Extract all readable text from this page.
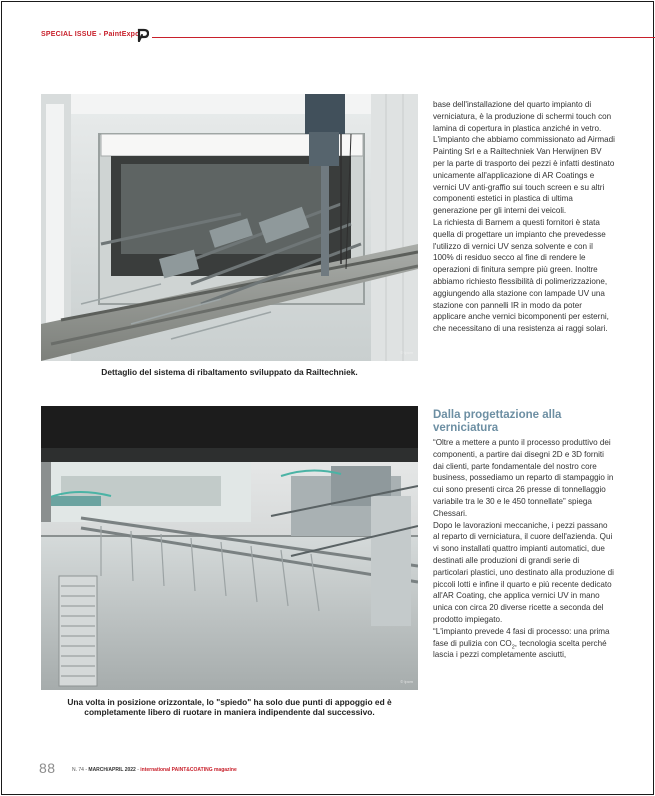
SPECIAL ISSUE - PaintExpo
© Ipcm
Dettaglio del sistema di ribaltamento sviluppato da Railtechniek.
© Ipcm
Una volta in posizione orizzontale, lo "spiedo" ha solo due punti di appoggio ed è
completamente libero di ruotare in maniera indipendente dal successivo.

base dell'installazione del quarto impianto di verniciatura, è la produzione di schermi touch con lamina di copertura in plastica anziché in vetro. L'impianto che abbiamo commissionato ad Airmadi Painting Srl e a Railtechniek Van Herwijnen BV per la parte di trasporto dei pezzi è infatti destinato unicamente all'applicazione di AR Coatings e vernici UV anti-graffio sui touch screen e su altri componenti estetici in plastica di ultima generazione per gli interni dei veicoli.

La richiesta di Barnem a questi fornitori è stata quella di progettare un impianto che prevedesse l'utilizzo di vernici UV senza solvente e con il 100% di residuo secco al fine di rendere le operazioni di finitura sempre più green. Inoltre abbiamo richiesto flessibilità di polimerizzazione, aggiungendo alla stazione con lampade UV una stazione con pannelli IR in modo da poter applicare anche vernici bicomponenti per esterni, che necessitano di una resistenza ai raggi solari.

Dalla progettazione alla verniciatura

“Oltre a mettere a punto il processo produttivo dei componenti, a partire dai disegni 2D e 3D forniti dai clienti, parte fondamentale del nostro core business, possediamo un reparto di stampaggio in cui sono presenti circa 26 presse di tonnellaggio variabile tra le 30 e le 450 tonnellate” spiega Chessari.

Dopo le lavorazioni meccaniche, i pezzi passano al reparto di verniciatura, il cuore dell'azienda. Qui vi sono installati quattro impianti automatici, due destinati alle produzioni di grandi serie di particolari plastici, uno destinato alla produzione di piccoli lotti e infine il quarto e più recente dedicato all'AR Coating, che applica vernici UV in mano unica con circa 20 diverse ricette a seconda del prodotto impiegato.

“L'impianto prevede 4 fasi di processo: una prima fase di pulizia con $CO_2$, tecnologia scelta perché lascia i pezzi completamente asciutti,

88	N. 74 - MARCH/APRIL 2022 - international PAINT&COATING magazine
